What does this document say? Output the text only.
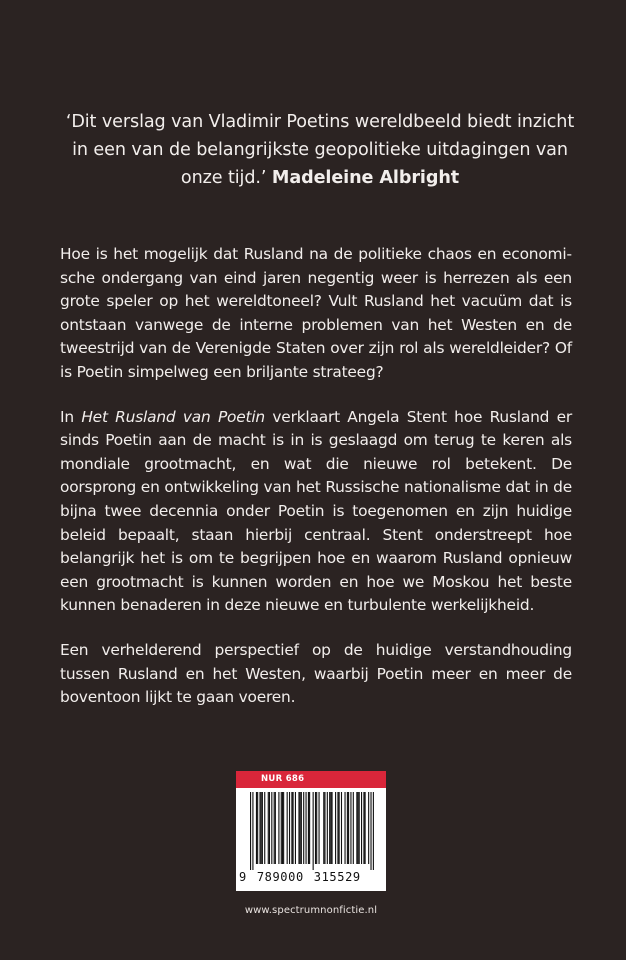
‘Dit verslag van Vladimir Poetins wereldbeeld biedt inzicht in een van de belangrijkste geopolitieke uitdagingen van onze tijd.’ Madeleine Albright

Hoe is het mogelijk dat Rusland na de politieke chaos en economische ondergang van eind jaren negentig weer is herrezen als een grote speler op het wereldtoneel? Vult Rusland het vacuüm dat is ontstaan vanwege de interne problemen van het Westen en de tweestrijd van de Verenigde Staten over zijn rol als wereldleider? Of is Poetin simpelweg een briljante strateeg?

In Het Rusland van Poetin verklaart Angela Stent hoe Rusland er sinds Poetin aan de macht is in is geslaagd om terug te keren als mondiale grootmacht, en wat die nieuwe rol betekent. De oorsprong en ontwikkeling van het Russische nationalisme dat in de bijna twee decennia onder Poetin is toegenomen en zijn huidige beleid bepaalt, staan hierbij centraal. Stent onderstreept hoe belangrijk het is om te begrijpen hoe en waarom Rusland opnieuw een grootmacht is kunnen worden en hoe we Moskou het beste kunnen benaderen in deze nieuwe en turbulente werkelijkheid.

Een verhelderend perspectief op de huidige verstandhouding tussen Rusland en het Westen, waarbij Poetin meer en meer de boventoon lijkt te gaan voeren.

NUR 686
9 789000 315529
www.spectrumnonfictie.nl
